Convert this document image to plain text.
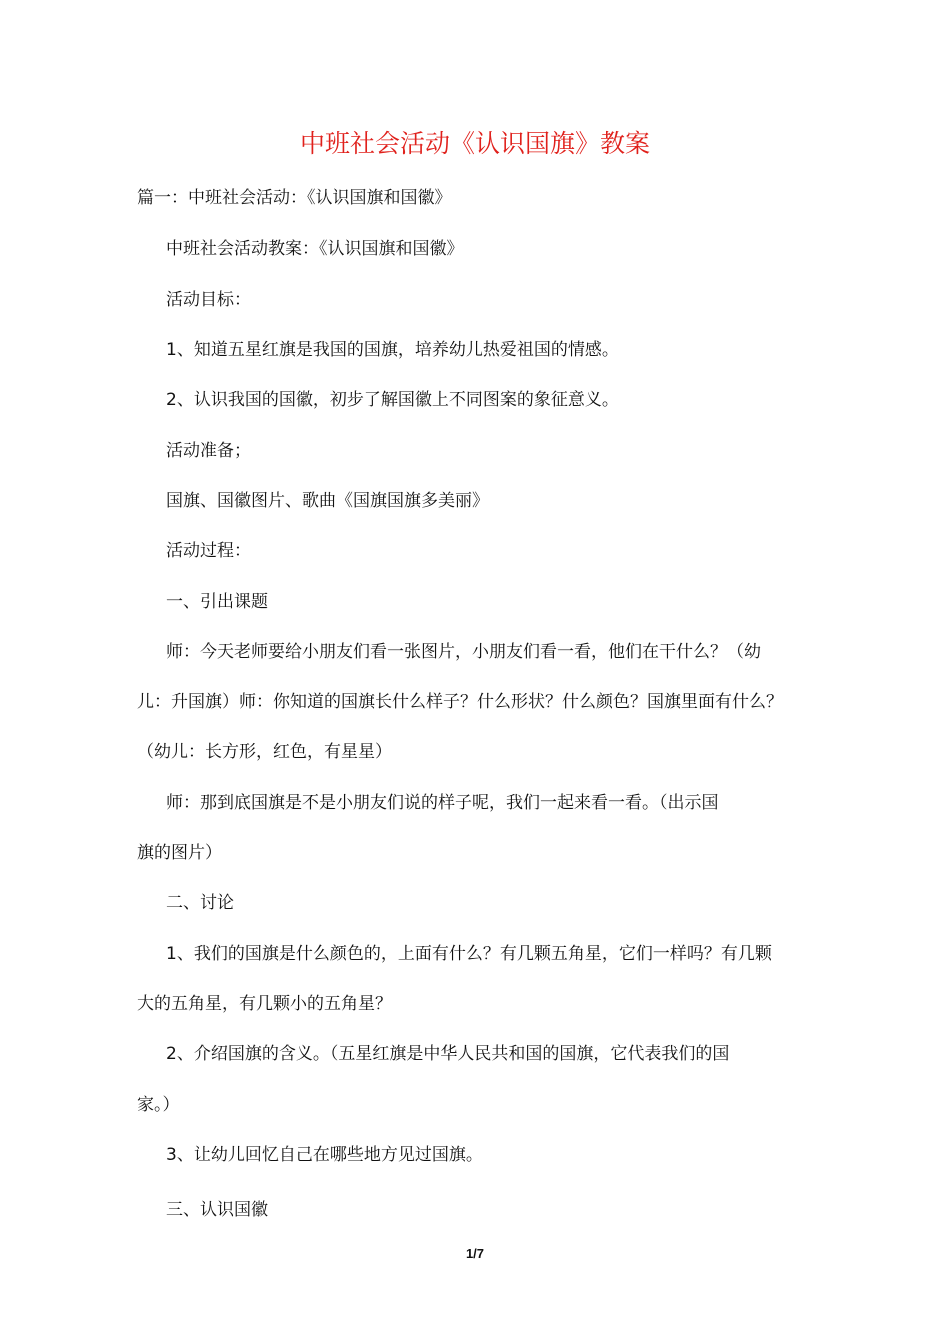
中班社会活动《认识国旗》教案
篇一：中班社会活动：《认识国旗和国徽》
中班社会活动教案：《认识国旗和国徽》
活动目标：
1、知道五星红旗是我国的国旗，培养幼儿热爱祖国的情感。
2、认识我国的国徽，初步了解国徽上不同图案的象征意义。
活动准备；
国旗、国徽图片、歌曲《国旗国旗多美丽》
活动过程：
一、引出课题
师：今天老师要给小朋友们看一张图片，小朋友们看一看，他们在干什么？（幼
儿：升国旗）师：你知道的国旗长什么样子？什么形状？什么颜色？国旗里面有什么？
（幼儿：长方形，红色，有星星）
师：那到底国旗是不是小朋友们说的样子呢，我们一起来看一看。（出示国
旗的图片）
二、讨论
1、我们的国旗是什么颜色的，上面有什么？有几颗五角星，它们一样吗？有几颗
大的五角星，有几颗小的五角星？
2、介绍国旗的含义。（五星红旗是中华人民共和国的国旗，它代表我们的国
家。）
3、让幼儿回忆自己在哪些地方见过国旗。
三、认识国徽
1/7
